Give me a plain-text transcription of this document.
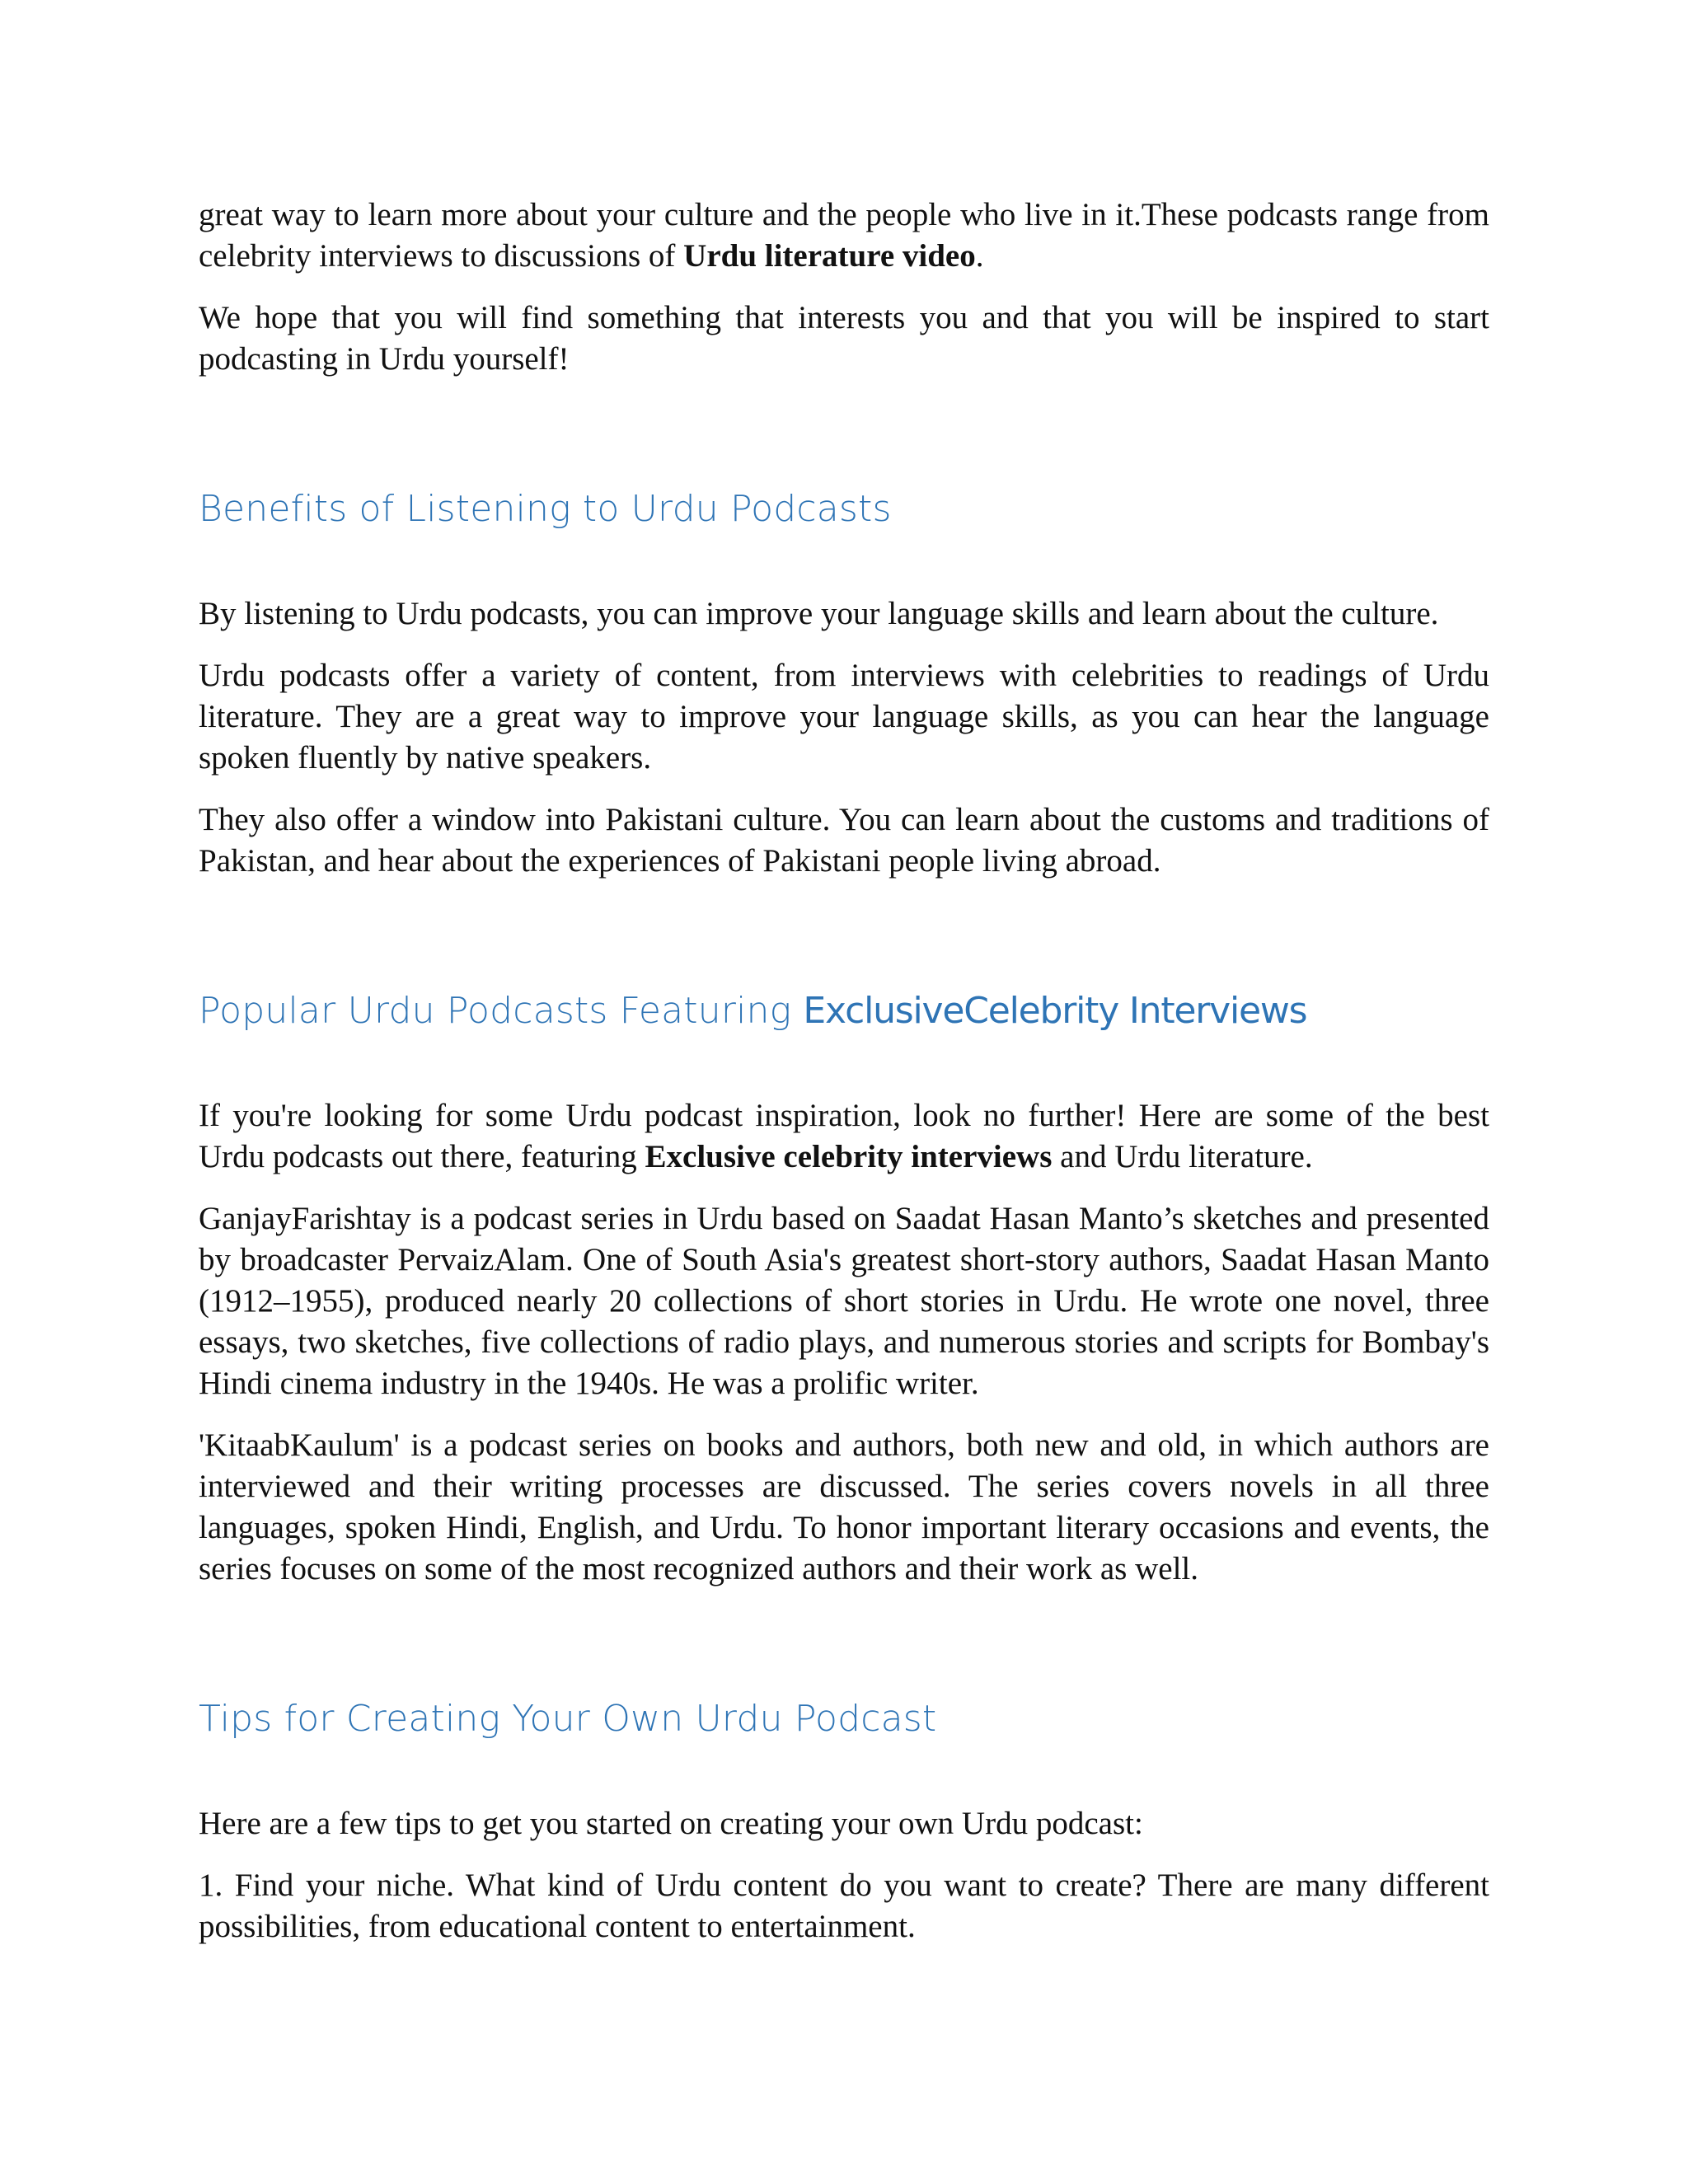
great way to learn more about your culture and the people who live in it.These podcasts range from celebrity interviews to discussions of Urdu literature video.

We hope that you will find something that interests you and that you will be inspired to start podcasting in Urdu yourself!

Benefits of Listening to Urdu Podcasts

By listening to Urdu podcasts, you can improve your language skills and learn about the culture.

Urdu podcasts offer a variety of content, from interviews with celebrities to readings of Urdu literature. They are a great way to improve your language skills, as you can hear the language spoken fluently by native speakers.

They also offer a window into Pakistani culture. You can learn about the customs and traditions of Pakistan, and hear about the experiences of Pakistani people living abroad.

Popular Urdu Podcasts Featuring ExclusiveCelebrity Interviews

If you're looking for some Urdu podcast inspiration, look no further! Here are some of the best Urdu podcasts out there, featuring Exclusive celebrity interviews and Urdu literature.

GanjayFarishtay is a podcast series in Urdu based on Saadat Hasan Manto’s sketches and presented by broadcaster PervaizAlam. One of South Asia's greatest short-story authors, Saadat Hasan Manto (1912–1955), produced nearly 20 collections of short stories in Urdu. He wrote one novel, three essays, two sketches, five collections of radio plays, and numerous stories and scripts for Bombay's Hindi cinema industry in the 1940s. He was a prolific writer.

'KitaabKaulum' is a podcast series on books and authors, both new and old, in which authors are interviewed and their writing processes are discussed. The series covers novels in all three languages, spoken Hindi, English, and Urdu. To honor important literary occasions and events, the series focuses on some of the most recognized authors and their work as well.

Tips for Creating Your Own Urdu Podcast

Here are a few tips to get you started on creating your own Urdu podcast:

1. Find your niche. What kind of Urdu content do you want to create? There are many different possibilities, from educational content to entertainment.
